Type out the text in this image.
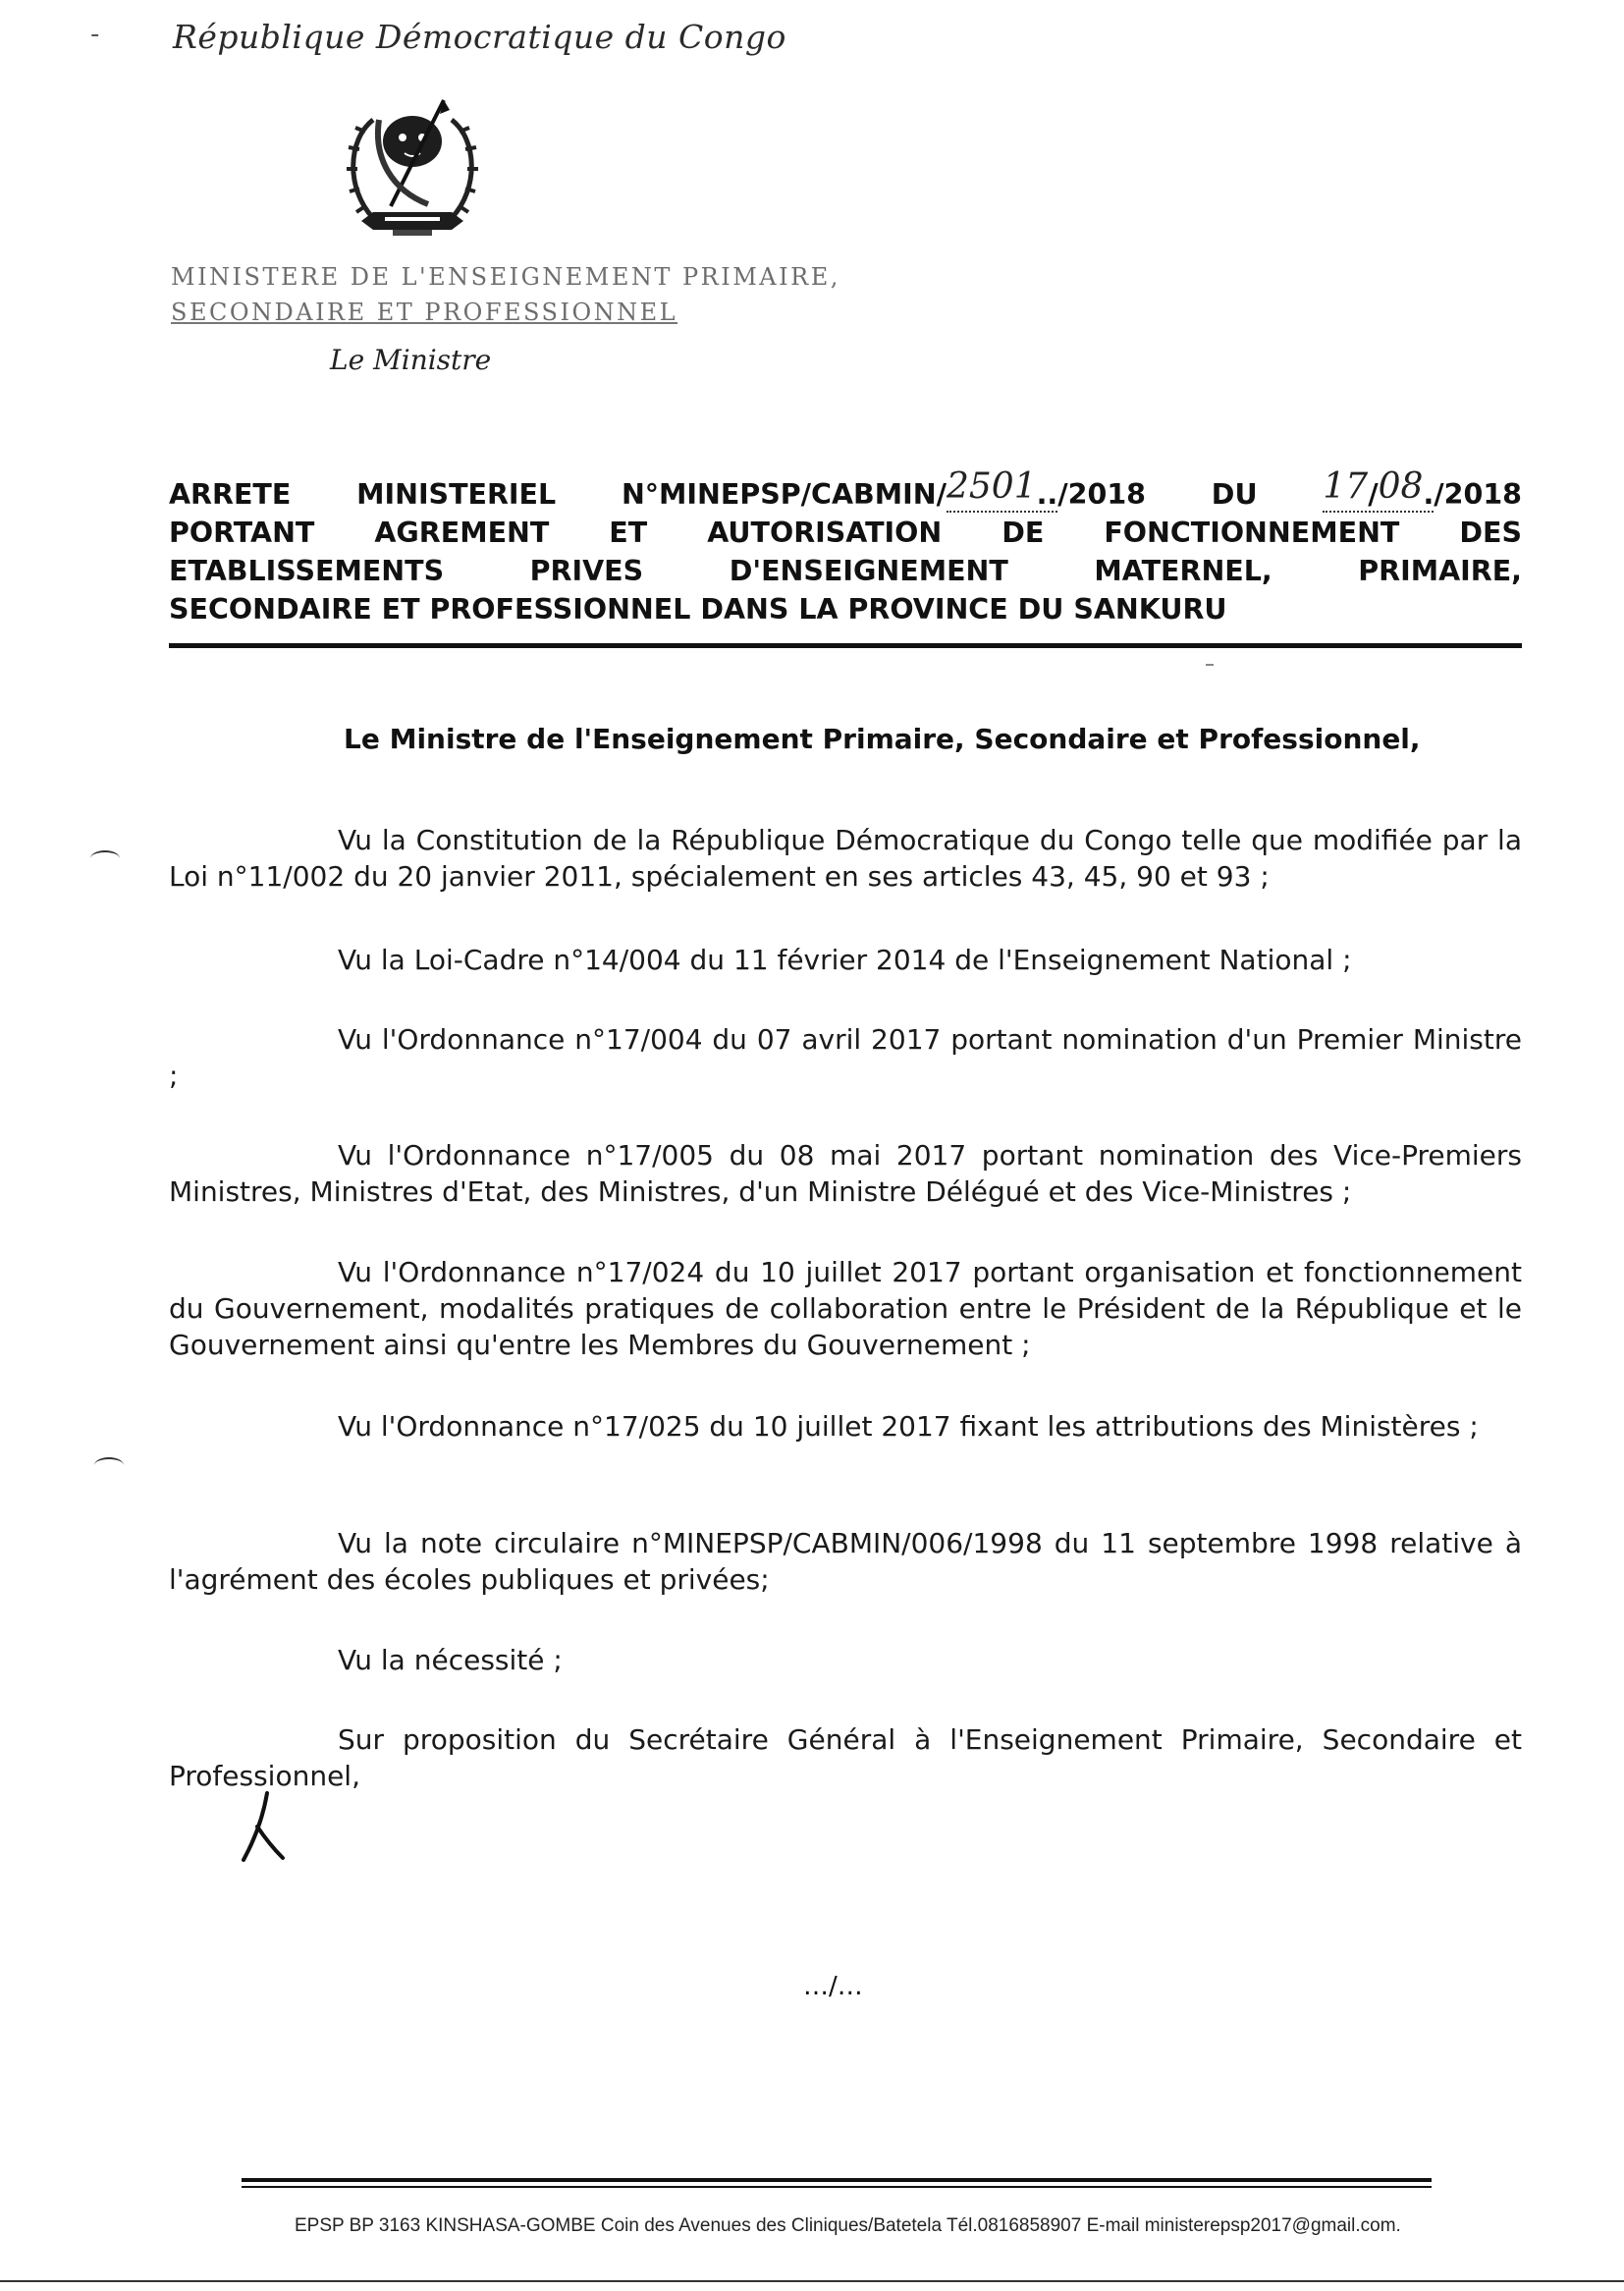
- République Démocratique du Congo
MINISTERE DE L'ENSEIGNEMENT PRIMAIRE,
SECONDAIRE ET PROFESSIONNEL
Le Ministre
ARRETE MINISTERIEL N°MINEPSP/CABMIN/2501../2018 DU 17/08./2018
PORTANT AGREMENT ET AUTORISATION DE FONCTIONNEMENT DES
ETABLISSEMENTS PRIVES D'ENSEIGNEMENT MATERNEL, PRIMAIRE,
SECONDAIRE ET PROFESSIONNEL DANS LA PROVINCE DU SANKURU
Le Ministre de l'Enseignement Primaire, Secondaire et Professionnel,
Vu la Constitution de la République Démocratique du Congo telle que modifiée par la Loi n°11/002 du 20 janvier 2011, spécialement en ses articles 43, 45, 90 et 93 ;
Vu la Loi-Cadre n°14/004 du 11 février 2014 de l'Enseignement National ;
Vu l'Ordonnance n°17/004 du 07 avril 2017 portant nomination d'un Premier Ministre ;
Vu l'Ordonnance n°17/005 du 08 mai 2017 portant nomination des Vice-Premiers Ministres, Ministres d'Etat, des Ministres, d'un Ministre Délégué et des Vice-Ministres ;
Vu l'Ordonnance n°17/024 du 10 juillet 2017 portant organisation et fonctionnement du Gouvernement, modalités pratiques de collaboration entre le Président de la République et le Gouvernement ainsi qu'entre les Membres du Gouvernement ;
Vu l'Ordonnance n°17/025 du 10 juillet 2017 fixant les attributions des Ministères ;
Vu la note circulaire n°MINEPSP/CABMIN/006/1998 du 11 septembre 1998 relative à l'agrément des écoles publiques et privées;
Vu la nécessité ;
Sur proposition du Secrétaire Général à l'Enseignement Primaire, Secondaire et Professionnel,
…/…
EPSP BP 3163 KINSHASA-GOMBE Coin des Avenues des Cliniques/Batetela Tél.0816858907 E-mail ministerepsp2017@gmail.com.
